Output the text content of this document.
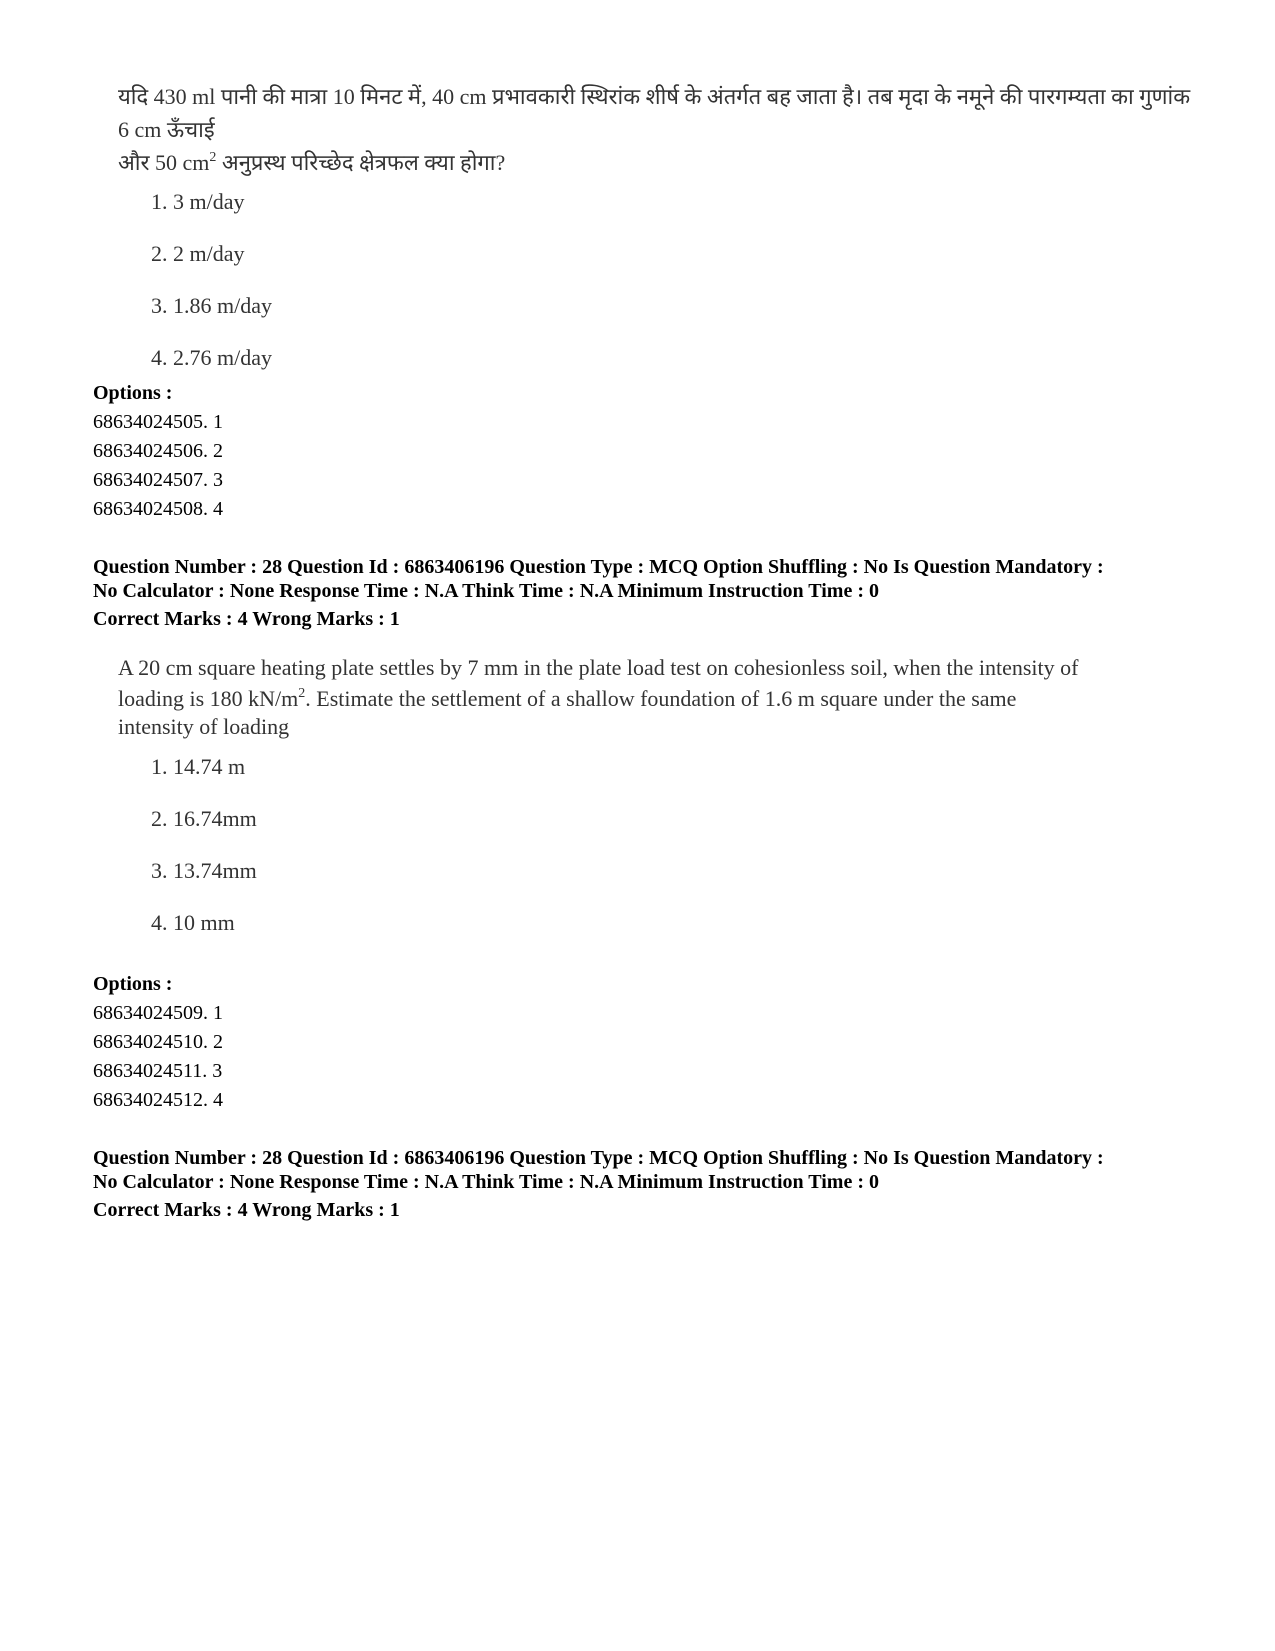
यदि 430 ml पानी की मात्रा 10 मिनट में, 40 cm प्रभावकारी स्थिरांक शीर्ष के अंतर्गत बह जाता है। तब मृदा के नमूने की पारगम्यता का गुणांक 6 cm ऊँचाई

और 50 $cm^2$ अनुप्रस्थ परिच्छेद क्षेत्रफल क्या होगा?

1. 3 m/day

2. 2 m/day

3. 1.86 m/day

4. 2.76 m/day

Options :
68634024505. 1
68634024506. 2
68634024507. 3
68634024508. 4

Question Number : 28 Question Id : 6863406196 Question Type : MCQ Option Shuffling : No Is Question Mandatory :

No Calculator : None Response Time : N.A Think Time : N.A Minimum Instruction Time : 0

Correct Marks : 4 Wrong Marks : 1

A 20 cm square heating plate settles by 7 mm in the plate load test on cohesionless soil, when the intensity of

loading is 180 $kN/m^2$. Estimate the settlement of a shallow foundation of 1.6 m square under the same

intensity of loading

1. 14.74 m

2. 16.74mm

3. 13.74mm

4. 10 mm

Options :
68634024509. 1
68634024510. 2
68634024511. 3
68634024512. 4

Question Number : 28 Question Id : 6863406196 Question Type : MCQ Option Shuffling : No Is Question Mandatory :

No Calculator : None Response Time : N.A Think Time : N.A Minimum Instruction Time : 0

Correct Marks : 4 Wrong Marks : 1
